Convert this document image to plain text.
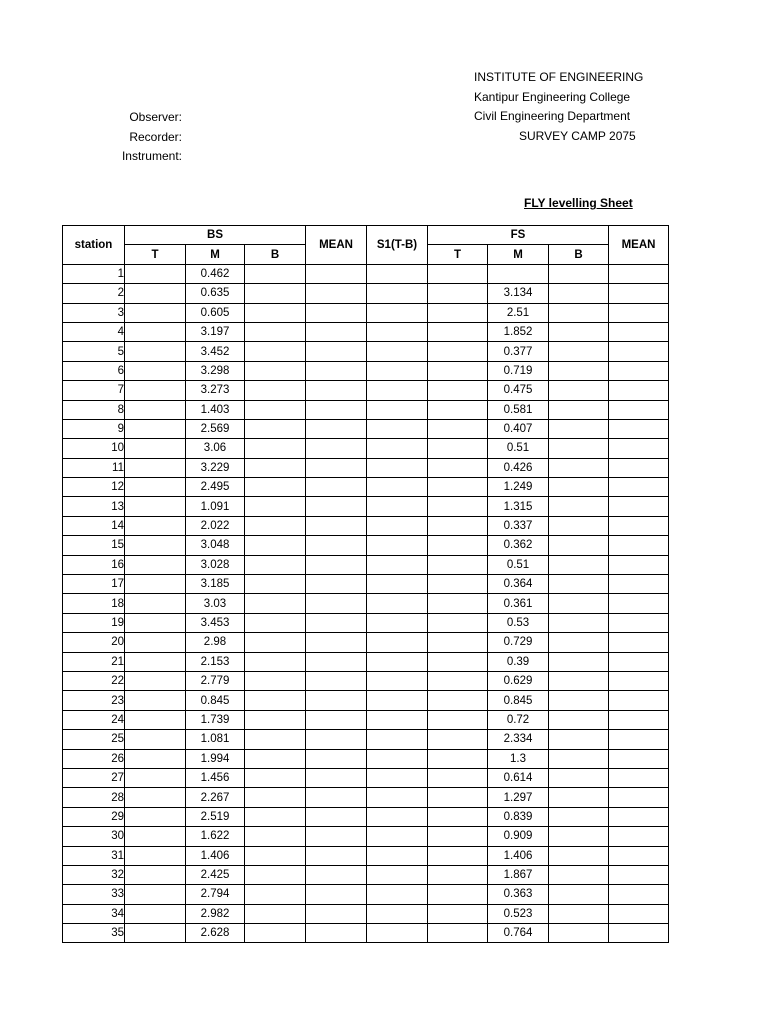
INSTITUTE OF ENGINEERING
Kantipur Engineering College
Civil Engineering Department
SURVEY CAMP 2075
Observer:
Recorder:
Instrument:
FLY levelling Sheet
station	BS			MEAN	S1(T-B)	FS			MEAN
	T	M	B			T	M	B	
1		0.462							
2		0.635					3.134		
3		0.605					2.51		
4		3.197					1.852		
5		3.452					0.377		
6		3.298					0.719		
7		3.273					0.475		
8		1.403					0.581		
9		2.569					0.407		
10		3.06					0.51		
11		3.229					0.426		
12		2.495					1.249		
13		1.091					1.315		
14		2.022					0.337		
15		3.048					0.362		
16		3.028					0.51		
17		3.185					0.364		
18		3.03					0.361		
19		3.453					0.53		
20		2.98					0.729		
21		2.153					0.39		
22		2.779					0.629		
23		0.845					0.845		
24		1.739					0.72		
25		1.081					2.334		
26		1.994					1.3		
27		1.456					0.614		
28		2.267					1.297		
29		2.519					0.839		
30		1.622					0.909		
31		1.406					1.406		
32		2.425					1.867		
33		2.794					0.363		
34		2.982					0.523		
35		2.628					0.764		
